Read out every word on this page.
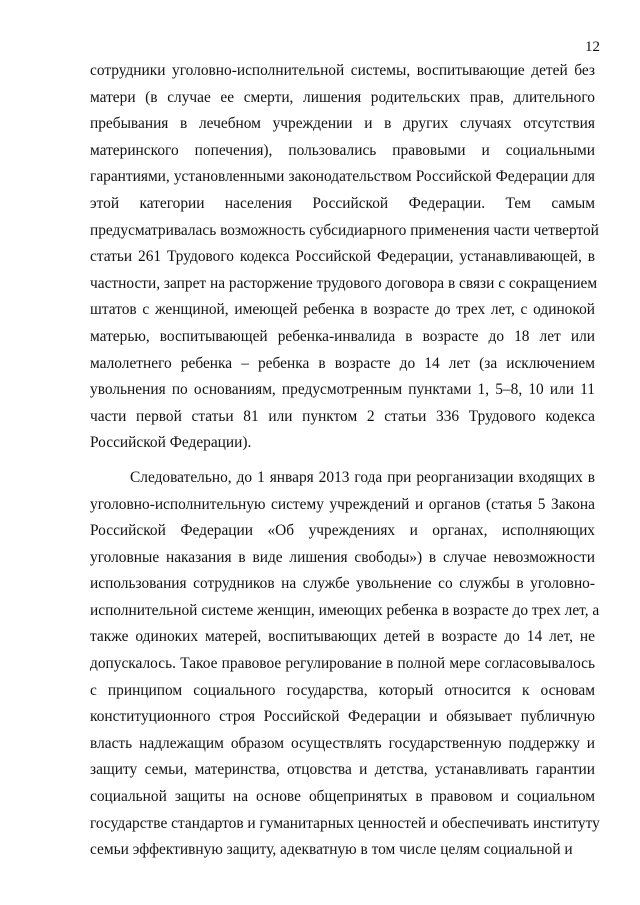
12
сотрудники уголовно-исполнительной системы, воспитывающие детей без
матери (в случае ее смерти, лишения родительских прав, длительного
пребывания в лечебном учреждении и в других случаях отсутствия
материнского попечения), пользовались правовыми и социальными
гарантиями, установленными законодательством Российской Федерации для
этой категории населения Российской Федерации. Тем самым
предусматривалась возможность субсидиарного применения части четвертой
статьи 261 Трудового кодекса Российской Федерации, устанавливающей, в
частности, запрет на расторжение трудового договора в связи с сокращением
штатов с женщиной, имеющей ребенка в возрасте до трех лет, с одинокой
матерью, воспитывающей ребенка-инвалида в возрасте до 18 лет или
малолетнего ребенка – ребенка в возрасте до 14 лет (за исключением
увольнения по основаниям, предусмотренным пунктами 1, 5–8, 10 или 11
части первой статьи 81 или пунктом 2 статьи 336 Трудового кодекса
Российской Федерации).
Следовательно, до 1 января 2013 года при реорганизации входящих в
уголовно-исполнительную систему учреждений и органов (статья 5 Закона
Российской Федерации «Об учреждениях и органах, исполняющих
уголовные наказания в виде лишения свободы») в случае невозможности
использования сотрудников на службе увольнение со службы в уголовно-
исполнительной системе женщин, имеющих ребенка в возрасте до трех лет, а
также одиноких матерей, воспитывающих детей в возрасте до 14 лет, не
допускалось. Такое правовое регулирование в полной мере согласовывалось
с принципом социального государства, который относится к основам
конституционного строя Российской Федерации и обязывает публичную
власть надлежащим образом осуществлять государственную поддержку и
защиту семьи, материнства, отцовства и детства, устанавливать гарантии
социальной защиты на основе общепринятых в правовом и социальном
государстве стандартов и гуманитарных ценностей и обеспечивать институту
семьи эффективную защиту, адекватную в том числе целям социальной и
